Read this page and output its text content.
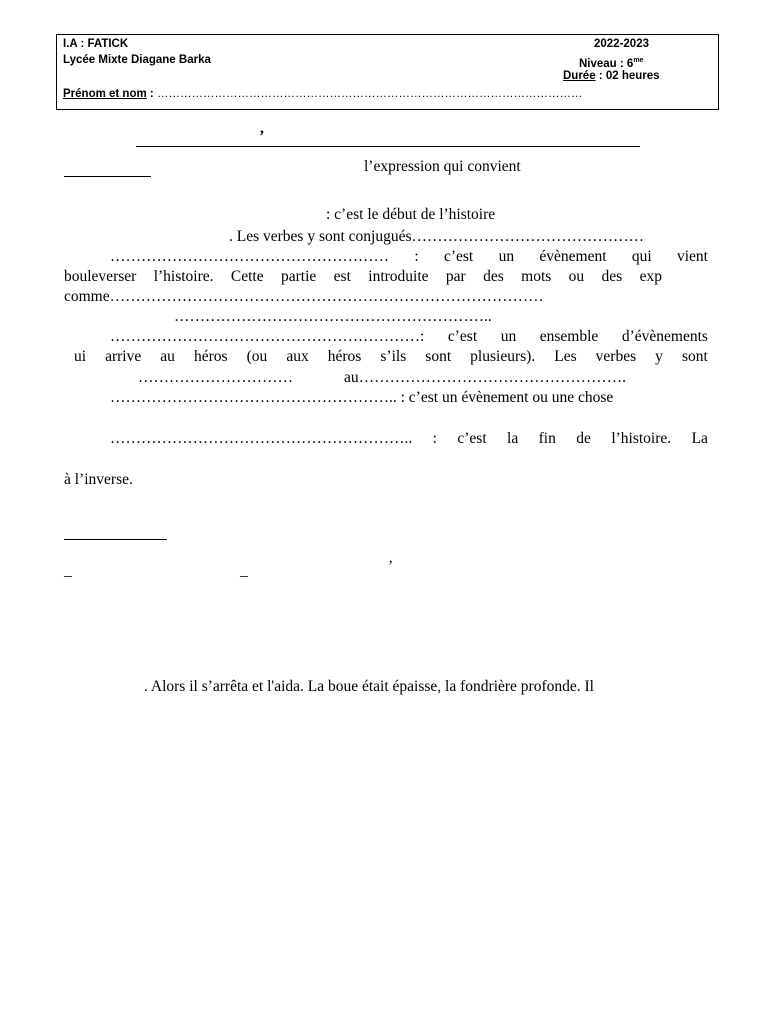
I.A : FATICK
Lycée Mixte Diagane Barka
Prénom et nom : …………………………………………………………………………………………………
2022-2023
Niveau : $6^{me}$
Durée : 02 heures
,
l’expression qui convient
: c’est le début de l’histoire
. Les verbes y sont conjugués………………………………………
……………………………………………… : c’est un évènement qui vient
bouleverser l’histoire. Cette partie est introduite par des mots ou des exp
comme…………………………………………………………………………
……………………………………………………..
……………………………………………………: c’est un ensemble d’évènements
ui arrive au héros (ou aux héros s’ils sont plusieurs). Les verbes y sont
…………………………	au…………………………………………….
……………………………………………….. : c’est un évènement ou une chose
………………………………………………….. : c’est la fin de l’histoire. La
à l’inverse.
_	_	’
. Alors il s’arrêta et l'aida. La boue était épaisse, la fondrière profonde. Il
